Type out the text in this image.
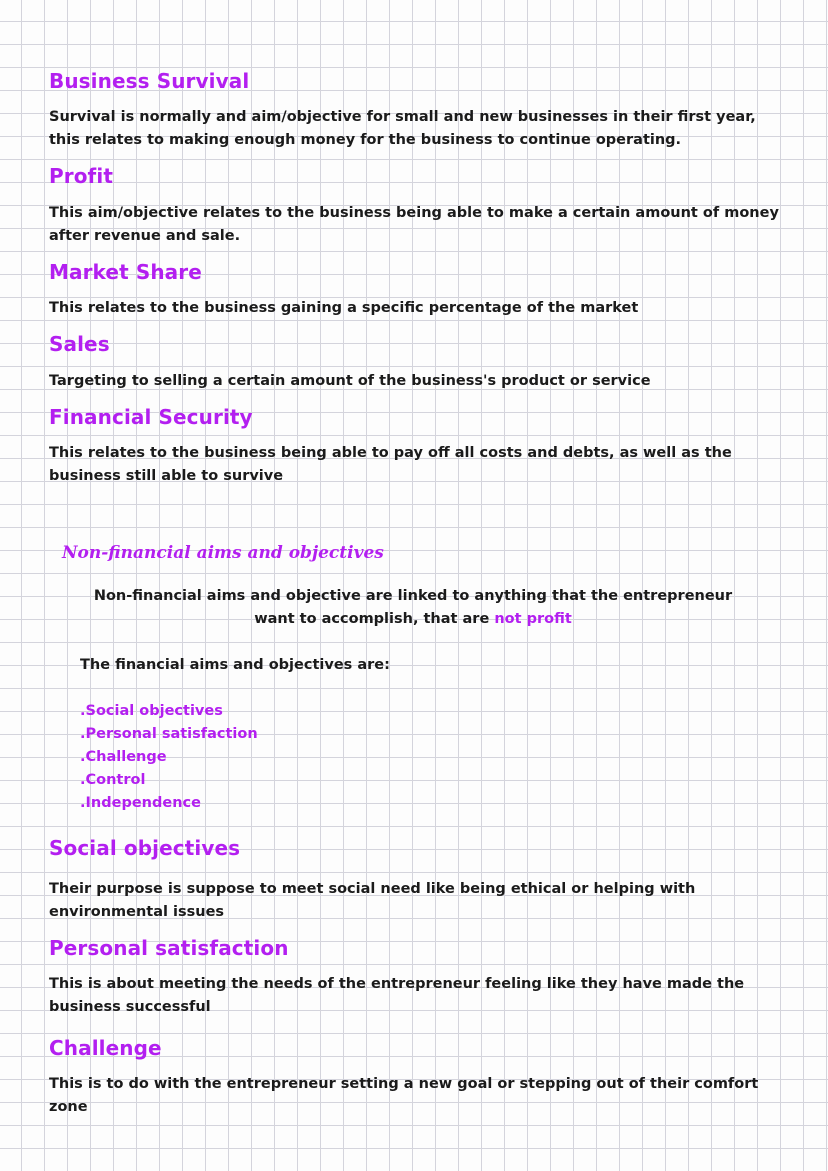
Business Survival

Survival is normally and aim/objective for small and new businesses in their first year, this relates to making enough money for the business to continue operating.

Profit

This aim/objective relates to the business being able to make a certain amount of money after revenue and sale.

Market Share

This relates to the business gaining a specific percentage of the market

Sales

Targeting to selling a certain amount of the business's product or service

Financial Security

This relates to the business being able to pay off all costs and debts, as well as the business still able to survive

Non-financial aims and objectives

Non-financial aims and objective are linked to anything that the entrepreneur want to accomplish, that are not profit

The financial aims and objectives are:

.Social objectives
.Personal satisfaction
.Challenge
.Control
.Independence
Social objectives

Their purpose is suppose to meet social need like being ethical or helping with environmental issues

Personal satisfaction

This is about meeting the needs of the entrepreneur feeling like they have made the business successful

Challenge

This is to do with the entrepreneur setting a new goal or stepping out of their comfort zone
